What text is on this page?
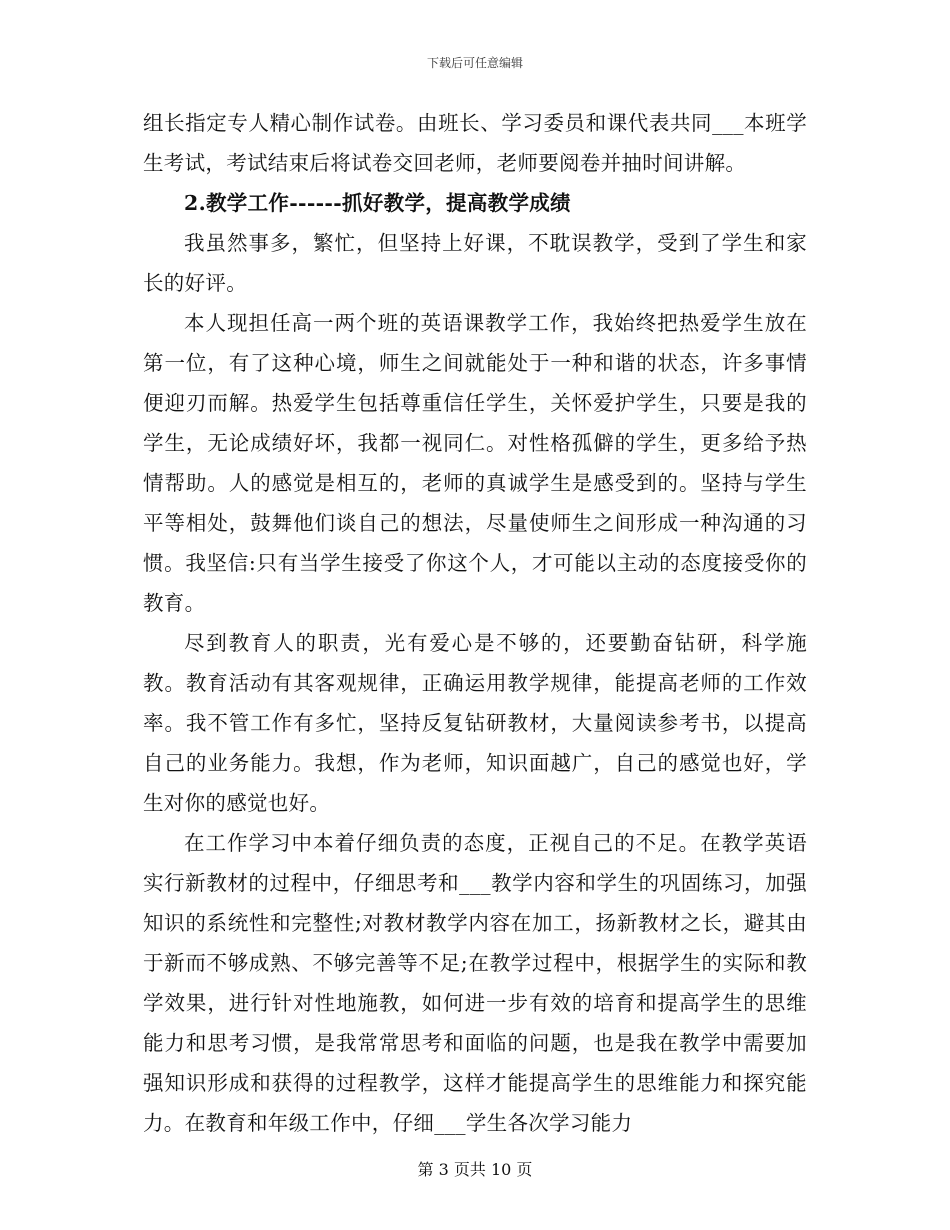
下载后可任意编辑

组长指定专人精心制作试卷。由班长、学习委员和课代表共同___本班学生考试，考试结束后将试卷交回老师，老师要阅卷并抽时间讲解。

2.教学工作------抓好教学，提高教学成绩

我虽然事多，繁忙，但坚持上好课，不耽误教学，受到了学生和家长的好评。

本人现担任高一两个班的英语课教学工作，我始终把热爱学生放在第一位，有了这种心境，师生之间就能处于一种和谐的状态，许多事情便迎刃而解。热爱学生包括尊重信任学生，关怀爱护学生，只要是我的学生，无论成绩好坏，我都一视同仁。对性格孤僻的学生，更多给予热情帮助。人的感觉是相互的，老师的真诚学生是感受到的。坚持与学生平等相处，鼓舞他们谈自己的想法，尽量使师生之间形成一种沟通的习惯。我坚信:只有当学生接受了你这个人，才可能以主动的态度接受你的教育。

尽到教育人的职责，光有爱心是不够的，还要勤奋钻研，科学施教。教育活动有其客观规律，正确运用教学规律，能提高老师的工作效率。我不管工作有多忙，坚持反复钻研教材，大量阅读参考书，以提高自己的业务能力。我想，作为老师，知识面越广，自己的感觉也好，学生对你的感觉也好。

在工作学习中本着仔细负责的态度，正视自己的不足。在教学英语实行新教材的过程中，仔细思考和___教学内容和学生的巩固练习，加强知识的系统性和完整性;对教材教学内容在加工，扬新教材之长，避其由于新而不够成熟、不够完善等不足;在教学过程中，根据学生的实际和教学效果，进行针对性地施教，如何进一步有效的培育和提高学生的思维能力和思考习惯，是我常常思考和面临的问题，也是我在教学中需要加强知识形成和获得的过程教学，这样才能提高学生的思维能力和探究能力。在教育和年级工作中，仔细___学生各次学习能力

第 3 页共 10 页
